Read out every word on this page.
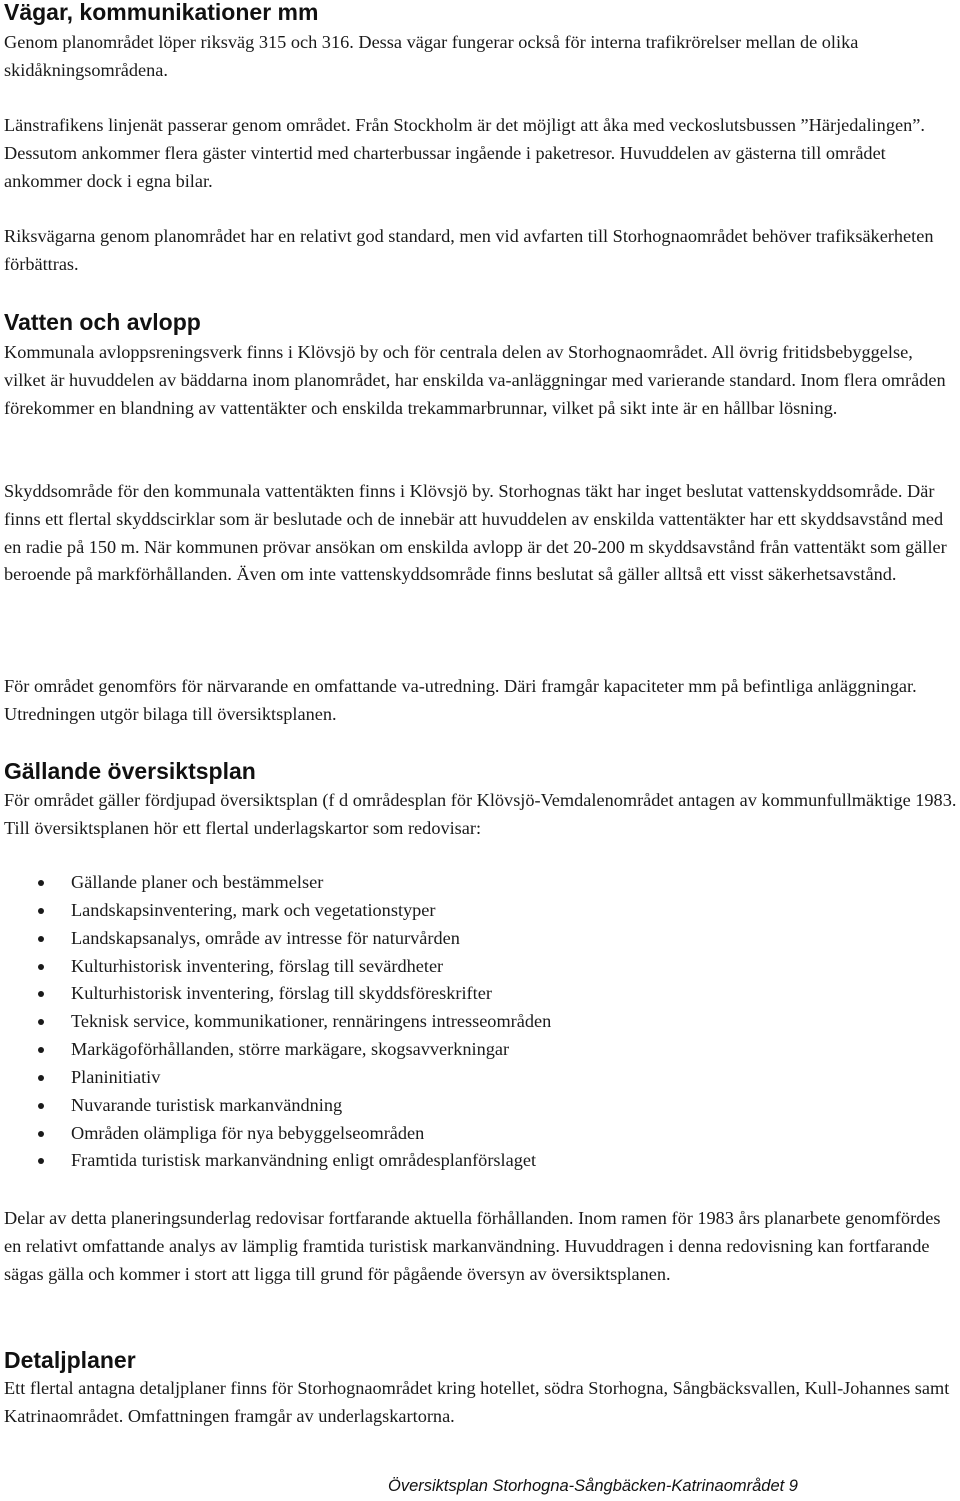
Vägar, kommunikationer mm

Genom planområdet löper riksväg 315 och 316. Dessa vägar fungerar också för interna trafikrörelser mellan de olika skidåkningsområdena.

Länstrafikens linjenät passerar genom området. Från Stockholm är det möjligt att åka med veckoslutsbussen ”Härjedalingen”. Dessutom ankommer flera gäster vintertid med charterbussar ingående i paketresor. Huvuddelen av gästerna till området ankommer dock i egna bilar.

Riksvägarna genom planområdet har en relativt god standard, men vid avfarten till Storhognaområdet behöver trafiksäkerheten förbättras.

Vatten och avlopp

Kommunala avloppsreningsverk finns i Klövsjö by och för centrala delen av Storhognaområdet. All övrig fritidsbebyggelse, vilket är huvuddelen av bäddarna inom planområdet, har enskilda va-anläggningar med varierande standard. Inom flera områden förekommer en blandning av vattentäkter och enskilda trekammarbrunnar, vilket på sikt inte är en hållbar lösning.

Skyddsområde för den kommunala vattentäkten finns i Klövsjö by. Storhognas täkt har inget beslutat vattenskyddsområde. Där finns ett flertal skyddscirklar som är beslutade och de innebär att huvuddelen av enskilda vattentäkter har ett skyddsavstånd med en radie på 150 m. När kommunen prövar ansökan om enskilda avlopp är det 20-200 m skyddsavstånd från vattentäkt som gäller beroende på markförhållanden. Även om inte vattenskyddsområde finns beslutat så gäller alltså ett visst säkerhetsavstånd.

För området genomförs för närvarande en omfattande va-utredning. Däri framgår kapaciteter mm på befintliga anläggningar. Utredningen utgör bilaga till översiktsplanen.

Gällande översiktsplan

För området gäller fördjupad översiktsplan (f d områdesplan för Klövsjö-Vemdalenområdet antagen av kommunfullmäktige 1983. Till översiktsplanen hör ett flertal underlagskartor som redovisar:

Gällande planer och bestämmelser
Landskapsinventering, mark och vegetationstyper
Landskapsanalys, område av intresse för naturvården
Kulturhistorisk inventering, förslag till sevärdheter
Kulturhistorisk inventering, förslag till skyddsföreskrifter
Teknisk service, kommunikationer, rennäringens intresseområden
Markägoförhållanden, större markägare, skogsavverkningar
Planinitiativ
Nuvarande turistisk markanvändning
Områden olämpliga för nya bebyggelseområden
Framtida turistisk markanvändning enligt områdesplanförslaget

Delar av detta planeringsunderlag redovisar fortfarande aktuella förhållanden. Inom ramen för 1983 års planarbete genomfördes en relativt omfattande analys av lämplig framtida turistisk markanvändning. Huvuddragen i denna redovisning kan fortfarande sägas gälla och kommer i stort att ligga till grund för pågående översyn av översiktsplanen.

Detaljplaner

Ett flertal antagna detaljplaner finns för Storhognaområdet kring hotellet, södra Storhogna, Sångbäcksvallen, Kull-Johannes samt Katrinaområdet. Omfattningen framgår av underlagskartorna.

Översiktsplan Storhogna-Sångbäcken-Katrinaområdet 9
